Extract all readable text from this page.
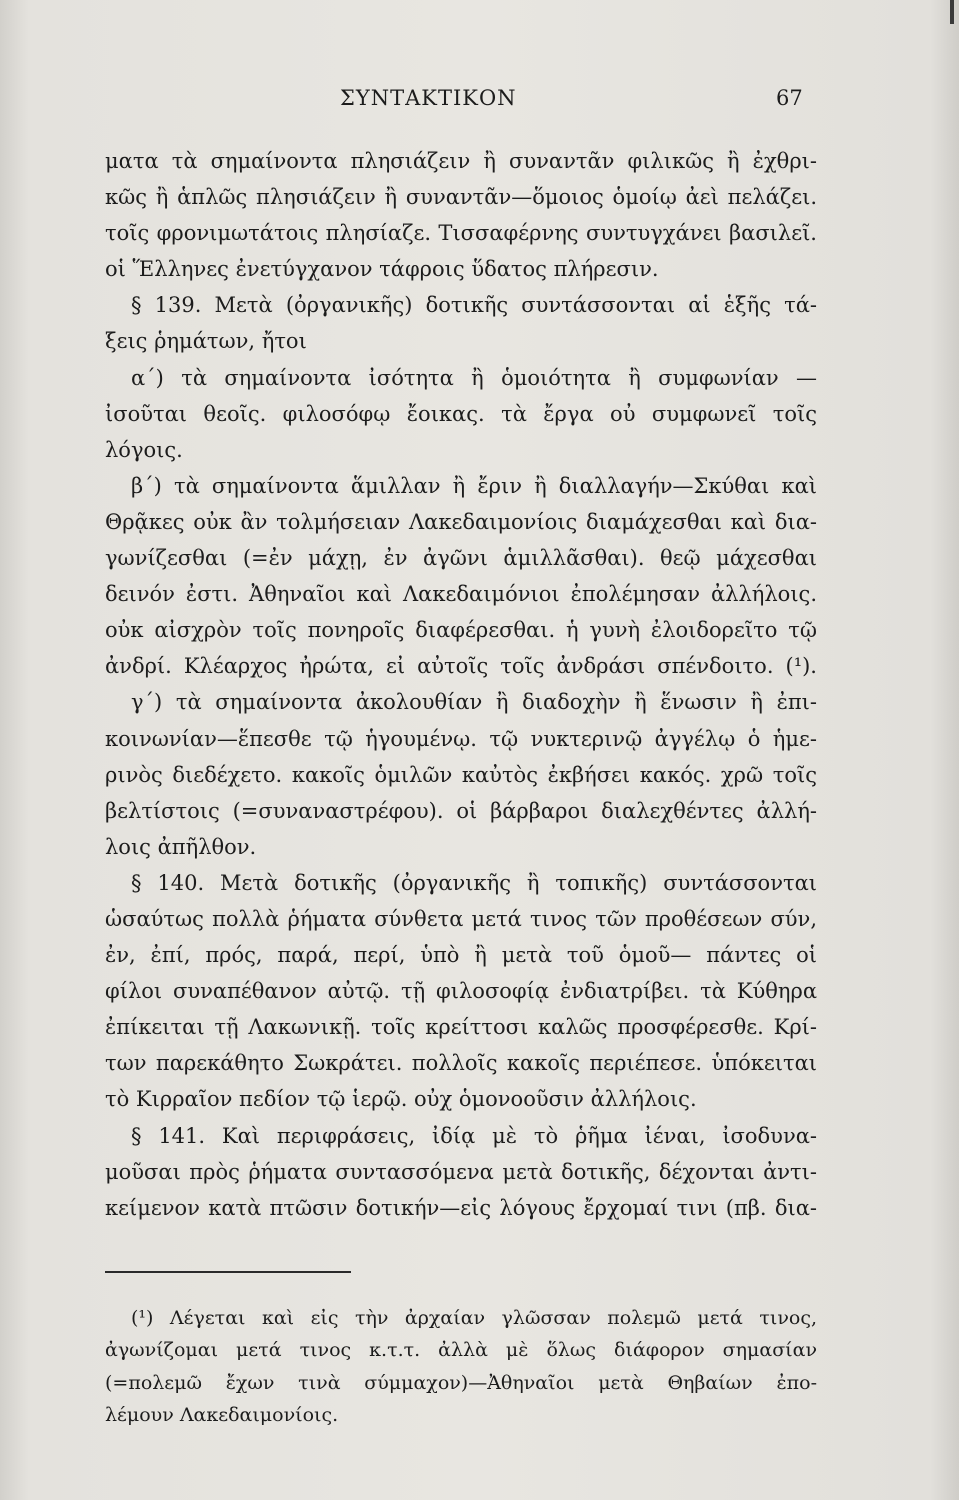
ΣΥΝΤΑΚΤΙΚΟΝ	67
ματα τὰ σημαίνοντα πλησιάζειν ἢ συναντᾶν φιλικῶς ἢ ἐχθρι-
κῶς ἢ ἁπλῶς πλησιάζειν ἢ συναντᾶν—ὅμοιος ὁμοίῳ ἀεὶ πελάζει.
τοῖς φρονιμωτάτοις πλησίαζε. Τισσαφέρνης συντυγχάνει βασιλεῖ.
οἱ Ἕλληνες ἐνετύγχανον τάφροις ὕδατος πλήρεσιν.
§ 139. Μετὰ (ὀργανικῆς) δοτικῆς συντάσσονται αἱ ἑξῆς τά-
ξεις ῥημάτων, ἤτοι
α΄) τὰ σημαίνοντα ἰσότητα ἢ ὁμοιότητα ἢ συμφωνίαν —
ἰσοῦται θεοῖς. φιλοσόφῳ ἔοικας. τὰ ἔργα οὐ συμφωνεῖ τοῖς
λόγοις.
β΄) τὰ σημαίνοντα ἅμιλλαν ἢ ἔριν ἢ διαλλαγήν—Σκύθαι καὶ
Θρᾷκες οὐκ ἂν τολμήσειαν Λακεδαιμονίοις διαμάχεσθαι καὶ δια-
γωνίζεσθαι (=ἐν μάχῃ, ἐν ἀγῶνι ἁμιλλᾶσθαι). θεῷ μάχεσθαι
δεινόν ἐστι. Ἀθηναῖοι καὶ Λακεδαιμόνιοι ἐπολέμησαν ἀλλήλοις.
οὐκ αἰσχρὸν τοῖς πονηροῖς διαφέρεσθαι. ἡ γυνὴ ἐλοιδορεῖτο τῷ
ἀνδρί. Κλέαρχος ἠρώτα, εἰ αὐτοῖς τοῖς ἀνδράσι σπένδοιτο. (¹).
γ΄) τὰ σημαίνοντα ἀκολουθίαν ἢ διαδοχὴν ἢ ἕνωσιν ἢ ἐπι-
κοινωνίαν—ἕπεσθε τῷ ἡγουμένῳ. τῷ νυκτερινῷ ἀγγέλῳ ὁ ἡμε-
ρινὸς διεδέχετο. κακοῖς ὁμιλῶν καὐτὸς ἐκβήσει κακός. χρῶ τοῖς
βελτίστοις (=συναναστρέφου). οἱ βάρβαροι διαλεχθέντες ἀλλή-
λοις ἀπῆλθον.
§ 140. Μετὰ δοτικῆς (ὀργανικῆς ἢ τοπικῆς) συντάσσονται
ὡσαύτως πολλὰ ῥήματα σύνθετα μετά τινος τῶν προθέσεων σύν,
ἐν, ἐπί, πρός, παρά, περί, ὑπὸ ἢ μετὰ τοῦ ὁμοῦ— πάντες οἱ
φίλοι συναπέθανον αὐτῷ. τῇ φιλοσοφίᾳ ἐνδιατρίβει. τὰ Κύθηρα
ἐπίκειται τῇ Λακωνικῇ. τοῖς κρείττοσι καλῶς προσφέρεσθε. Κρί-
των παρεκάθητο Σωκράτει. πολλοῖς κακοῖς περιέπεσε. ὑπόκειται
τὸ Κιρραῖον πεδίον τῷ ἱερῷ. οὐχ ὁμονοοῦσιν ἀλλήλοις.
§ 141. Καὶ περιφράσεις, ἰδίᾳ μὲ τὸ ῥῆμα ἰέναι, ἰσοδυνα-
μοῦσαι πρὸς ῥήματα συντασσόμενα μετὰ δοτικῆς, δέχονται ἀντι-
κείμενον κατὰ πτῶσιν δοτικήν—εἰς λόγους ἔρχομαί τινι (πβ. δια-
(¹) Λέγεται καὶ εἰς τὴν ἀρχαίαν γλῶσσαν πολεμῶ μετά τινος,
ἀγωνίζομαι μετά τινος κ.τ.τ. ἀλλὰ μὲ ὅλως διάφορον σημασίαν
(=πολεμῶ ἔχων τινὰ σύμμαχον)—Ἀθηναῖοι μετὰ Θηβαίων ἐπο-
λέμουν Λακεδαιμονίοις.
